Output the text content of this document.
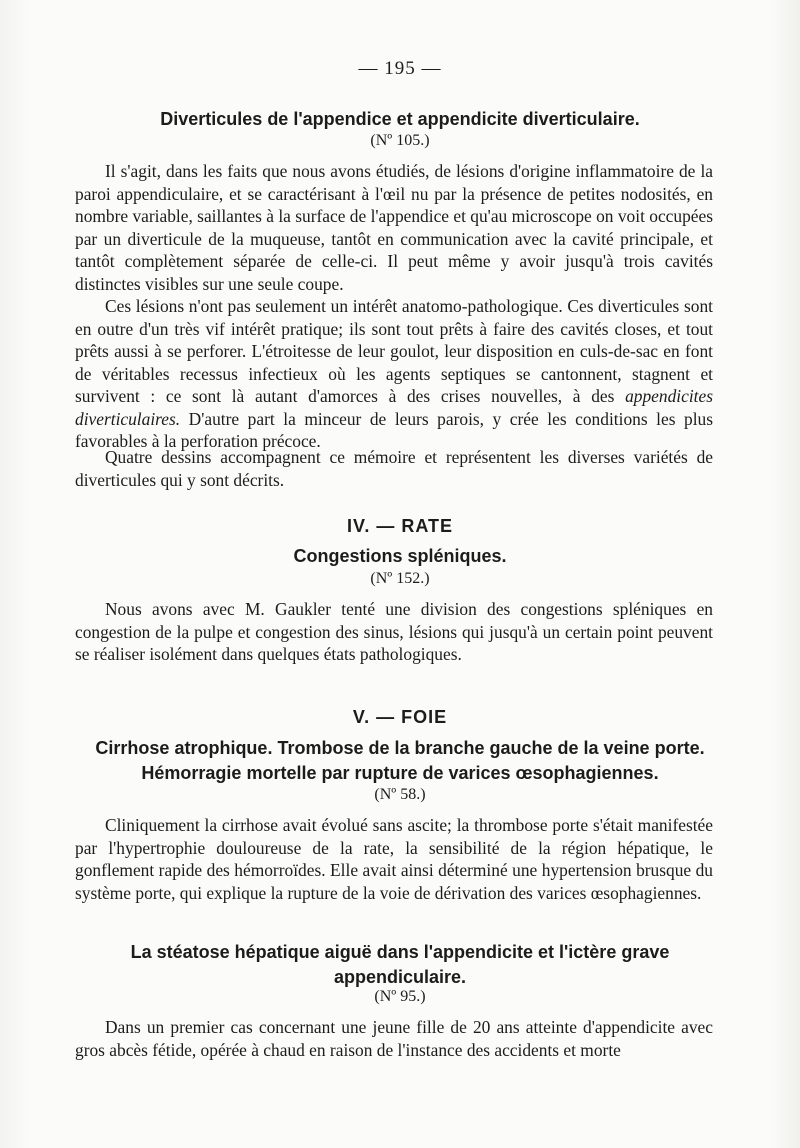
— 195 —
Diverticules de l'appendice et appendicite diverticulaire.
(Nº 105.)

Il s'agit, dans les faits que nous avons étudiés, de lésions d'origine inflammatoire de la paroi appendiculaire, et se caractérisant à l'œil nu par la présence de petites nodosités, en nombre variable, saillantes à la surface de l'appendice et qu'au microscope on voit occupées par un diverticule de la muqueuse, tantôt en communication avec la cavité principale, et tantôt complètement séparée de celle-ci. Il peut même y avoir jusqu'à trois cavités distinctes visibles sur une seule coupe.

Ces lésions n'ont pas seulement un intérêt anatomo-pathologique. Ces diverticules sont en outre d'un très vif intérêt pratique; ils sont tout prêts à faire des cavités closes, et tout prêts aussi à se perforer. L'étroitesse de leur goulot, leur disposition en culs-de-sac en font de véritables recessus infectieux où les agents septiques se cantonnent, stagnent et survivent : ce sont là autant d'amorces à des crises nouvelles, à des appendicites diverticulaires. D'autre part la minceur de leurs parois, y crée les conditions les plus favorables à la perforation précoce.

Quatre dessins accompagnent ce mémoire et représentent les diverses variétés de diverticules qui y sont décrits.

IV. — RATE
Congestions spléniques.
(Nº 152.)

Nous avons avec M. Gaukler tenté une division des congestions spléniques en congestion de la pulpe et congestion des sinus, lésions qui jusqu'à un certain point peuvent se réaliser isolément dans quelques états pathologiques.

V. — FOIE
Cirrhose atrophique. Trombose de la branche gauche de la veine porte. Hémorragie mortelle par rupture de varices œsophagiennes.
(Nº 58.)

Cliniquement la cirrhose avait évolué sans ascite; la thrombose porte s'était manifestée par l'hypertrophie douloureuse de la rate, la sensibilité de la région hépatique, le gonflement rapide des hémorroïdes. Elle avait ainsi déterminé une hypertension brusque du système porte, qui explique la rupture de la voie de dérivation des varices œsophagiennes.

La stéatose hépatique aiguë dans l'appendicite et l'ictère grave appendiculaire.
(Nº 95.)

Dans un premier cas concernant une jeune fille de 20 ans atteinte d'appendicite avec gros abcès fétide, opérée à chaud en raison de l'instance des accidents et morte
